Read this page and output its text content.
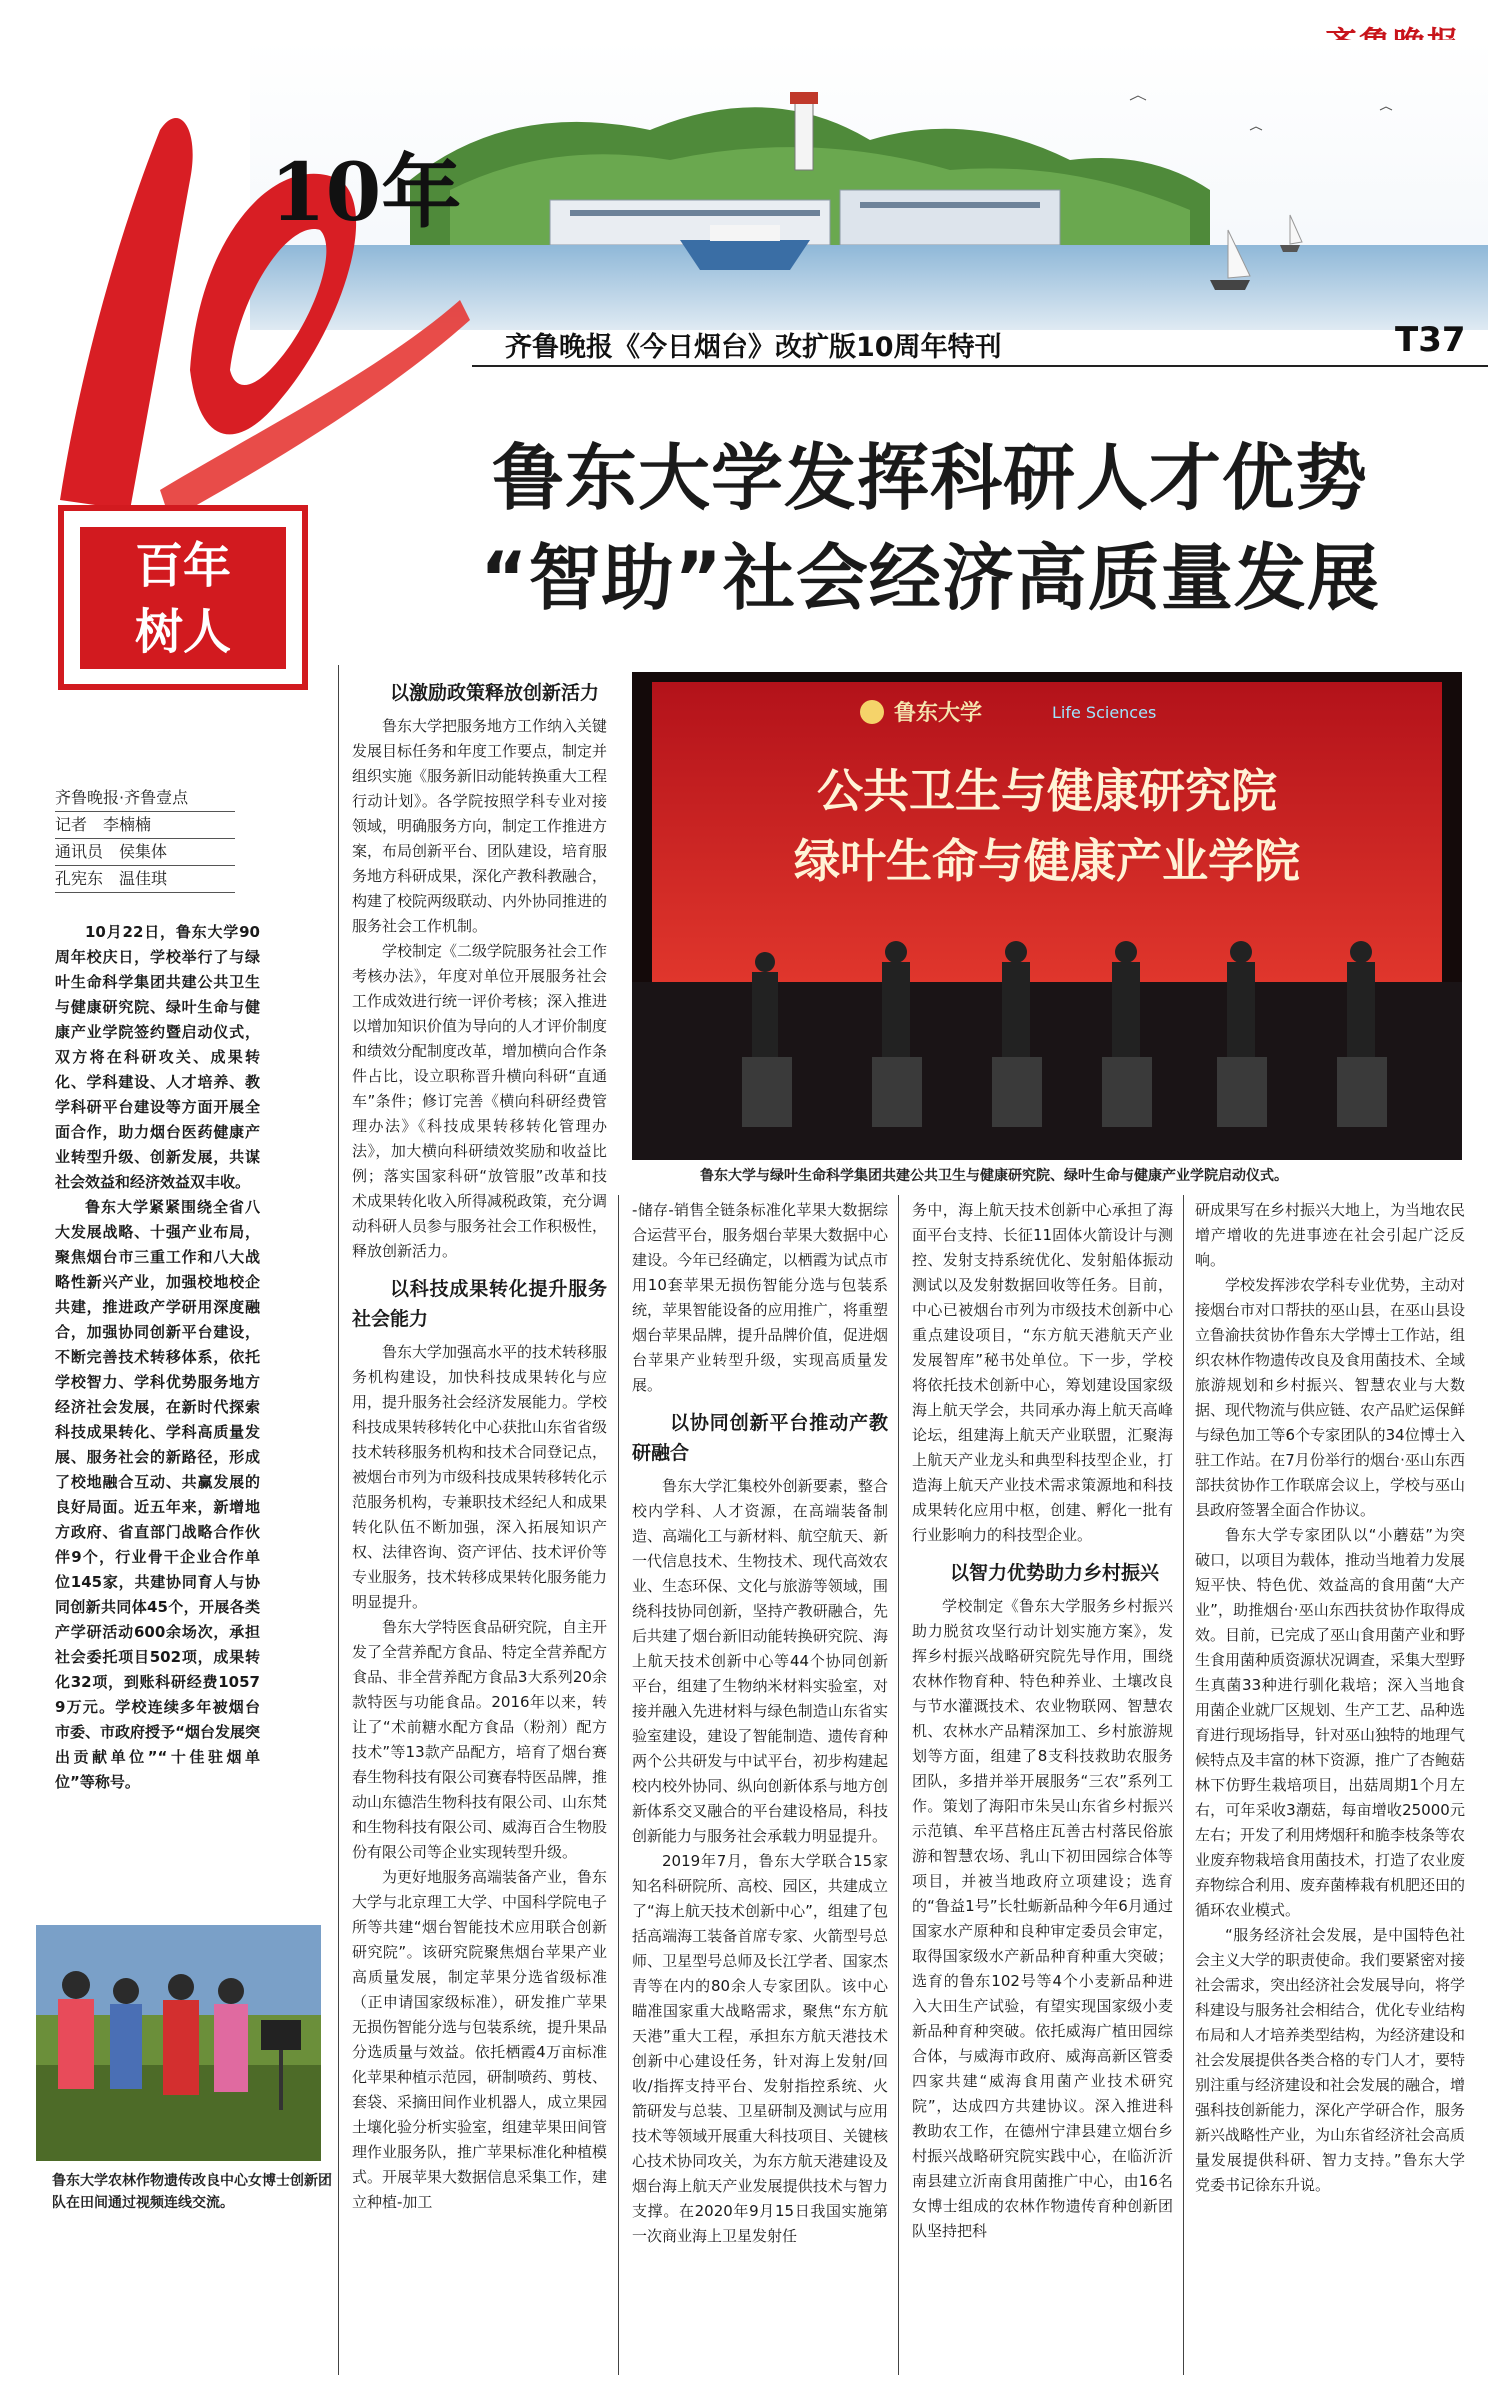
10年
齐鲁晚报《今日烟台》改扩版10周年特刊	T37
鲁东大学发挥科研人才优势
“智助”社会经济高质量发展
百年
树人
齐鲁晚报·齐鲁壹点
记者　李楠楠
通讯员　侯集体
孔宪东　温佳琪

10月22日，鲁东大学90周年校庆日，学校举行了与绿叶生命科学集团共建公共卫生与健康研究院、绿叶生命与健康产业学院签约暨启动仪式，双方将在科研攻关、成果转化、学科建设、人才培养、教学科研平台建设等方面开展全面合作，助力烟台医药健康产业转型升级、创新发展，共谋社会效益和经济效益双丰收。

鲁东大学紧紧围绕全省八大发展战略、十强产业布局，聚焦烟台市三重工作和八大战略性新兴产业，加强校地校企共建，推进政产学研用深度融合，加强协同创新平台建设，不断完善技术转移体系，依托学校智力、学科优势服务地方经济社会发展，在新时代探索科技成果转化、学科高质量发展、服务社会的新路径，形成了校地融合互动、共赢发展的良好局面。近五年来，新增地方政府、省直部门战略合作伙伴9个，行业骨干企业合作单位145家，共建协同育人与协同创新共同体45个，开展各类产学研活动600余场次，承担社会委托项目502项，成果转化32项，到账科研经费10579万元。学校连续多年被烟台市委、市政府授予“烟台发展突出贡献单位”“十佳驻烟单位”等称号。

鲁东大学农林作物遗传改良中心女博士创新团队在田间通过视频连线交流。
以激励政策释放创新活力

鲁东大学把服务地方工作纳入关键发展目标任务和年度工作要点，制定并组织实施《服务新旧动能转换重大工程行动计划》。各学院按照学科专业对接领域，明确服务方向，制定工作推进方案，布局创新平台、团队建设，培育服务地方科研成果，深化产教科教融合，构建了校院两级联动、内外协同推进的服务社会工作机制。

学校制定《二级学院服务社会工作考核办法》，年度对单位开展服务社会工作成效进行统一评价考核；深入推进以增加知识价值为导向的人才评价制度和绩效分配制度改革，增加横向合作条件占比，设立职称晋升横向科研“直通车”条件；修订完善《横向科研经费管理办法》《科技成果转移转化管理办法》，加大横向科研绩效奖励和收益比例；落实国家科研“放管服”改革和技术成果转化收入所得减税政策，充分调动科研人员参与服务社会工作积极性，释放创新活力。

以科技成果转化提升服务社会能力

鲁东大学加强高水平的技术转移服务机构建设，加快科技成果转化与应用，提升服务社会经济发展能力。学校科技成果转移转化中心获批山东省省级技术转移服务机构和技术合同登记点，被烟台市列为市级科技成果转移转化示范服务机构，专兼职技术经纪人和成果转化队伍不断加强，深入拓展知识产权、法律咨询、资产评估、技术评价等专业服务，技术转移成果转化服务能力明显提升。

鲁东大学特医食品研究院，自主开发了全营养配方食品、特定全营养配方食品、非全营养配方食品3大系列20余款特医与功能食品。2016年以来，转让了“术前糖水配方食品（粉剂）配方技术”等13款产品配方，培育了烟台赛春生物科技有限公司赛春特医品牌，推动山东德浩生物科技有限公司、山东梵和生物科技有限公司、威海百合生物股份有限公司等企业实现转型升级。

为更好地服务高端装备产业，鲁东大学与北京理工大学、中国科学院电子所等共建“烟台智能技术应用联合创新研究院”。该研究院聚焦烟台苹果产业高质量发展，制定苹果分选省级标准（正申请国家级标准），研发推广苹果无损伤智能分选与包装系统，提升果品分选质量与效益。依托栖霞4万亩标准化苹果种植示范园，研制喷药、剪枝、套袋、采摘田间作业机器人，成立果园土壤化验分析实验室，组建苹果田间管理作业服务队，推广苹果标准化种植模式。开展苹果大数据信息采集工作，建立种植-加工

鲁东大学	Life Sciences
公共卫生与健康研究院
绿叶生命与健康产业学院
鲁东大学与绿叶生命科学集团共建公共卫生与健康研究院、绿叶生命与健康产业学院启动仪式。

-储存-销售全链条标准化苹果大数据综合运营平台，服务烟台苹果大数据中心建设。今年已经确定，以栖霞为试点市用10套苹果无损伤智能分选与包装系统，苹果智能设备的应用推广，将重塑烟台苹果品牌，提升品牌价值，促进烟台苹果产业转型升级，实现高质量发展。

以协同创新平台推动产教研融合

鲁东大学汇集校外创新要素，整合校内学科、人才资源，在高端装备制造、高端化工与新材料、航空航天、新一代信息技术、生物技术、现代高效农业、生态环保、文化与旅游等领域，围绕科技协同创新，坚持产教研融合，先后共建了烟台新旧动能转换研究院、海上航天技术创新中心等44个协同创新平台，组建了生物纳米材料实验室，对接并融入先进材料与绿色制造山东省实验室建设，建设了智能制造、遗传育种两个公共研发与中试平台，初步构建起校内校外协同、纵向创新体系与地方创新体系交叉融合的平台建设格局，科技创新能力与服务社会承载力明显提升。

2019年7月，鲁东大学联合15家知名科研院所、高校、园区，共建成立了“海上航天技术创新中心”，组建了包括高端海工装备首席专家、火箭型号总师、卫星型号总师及长江学者、国家杰青等在内的80余人专家团队。该中心瞄准国家重大战略需求，聚焦“东方航天港”重大工程，承担东方航天港技术创新中心建设任务，针对海上发射/回收/指挥支持平台、发射指控系统、火箭研发与总装、卫星研制及测试与应用技术等领域开展重大科技项目、关键核心技术协同攻关，为东方航天港建设及烟台海上航天产业发展提供技术与智力支撑。在2020年9月15日我国实施第一次商业海上卫星发射任

务中，海上航天技术创新中心承担了海面平台支持、长征11固体火箭设计与测控、发射支持系统优化、发射船体振动测试以及发射数据回收等任务。目前，中心已被烟台市列为市级技术创新中心重点建设项目，“东方航天港航天产业发展智库”秘书处单位。下一步，学校将依托技术创新中心，筹划建设国家级海上航天学会，共同承办海上航天高峰论坛，组建海上航天产业联盟，汇聚海上航天产业龙头和典型科技型企业，打造海上航天产业技术需求策源地和科技成果转化应用中枢，创建、孵化一批有行业影响力的科技型企业。

以智力优势助力乡村振兴

学校制定《鲁东大学服务乡村振兴助力脱贫攻坚行动计划实施方案》，发挥乡村振兴战略研究院先导作用，围绕农林作物育种、特色种养业、土壤改良与节水灌溉技术、农业物联网、智慧农机、农林水产品精深加工、乡村旅游规划等方面，组建了8支科技救助农服务团队，多措并举开展服务“三农”系列工作。策划了海阳市朱吴山东省乡村振兴示范镇、牟平莒格庄瓦善古村落民俗旅游和智慧农场、乳山下初田园综合体等项目，并被当地政府立项建设；选育的“鲁益1号”长牡蛎新品种今年6月通过国家水产原种和良种审定委员会审定，取得国家级水产新品种育种重大突破；选育的鲁东102号等4个小麦新品种进入大田生产试验，有望实现国家级小麦新品种育种突破。依托威海广植田园综合体，与威海市政府、威海高新区管委四家共建“威海食用菌产业技术研究院”，达成四方共建协议。深入推进科教助农工作，在德州宁津县建立烟台乡村振兴战略研究院实践中心，在临沂沂南县建立沂南食用菌推广中心，由16名女博士组成的农林作物遗传育种创新团队坚持把科

研成果写在乡村振兴大地上，为当地农民增产增收的先进事迹在社会引起广泛反响。

学校发挥涉农学科专业优势，主动对接烟台市对口帮扶的巫山县，在巫山县设立鲁渝扶贫协作鲁东大学博士工作站，组织农林作物遗传改良及食用菌技术、全域旅游规划和乡村振兴、智慧农业与大数据、现代物流与供应链、农产品贮运保鲜与绿色加工等6个专家团队的34位博士入驻工作站。在7月份举行的烟台·巫山东西部扶贫协作工作联席会议上，学校与巫山县政府签署全面合作协议。

鲁东大学专家团队以“小蘑菇”为突破口，以项目为载体，推动当地着力发展短平快、特色优、效益高的食用菌“大产业”，助推烟台·巫山东西扶贫协作取得成效。目前，已完成了巫山食用菌产业和野生食用菌种质资源状况调查，采集大型野生真菌33种进行驯化栽培；深入当地食用菌企业就厂区规划、生产工艺、品种选育进行现场指导，针对巫山独特的地理气候特点及丰富的林下资源，推广了杏鲍菇林下仿野生栽培项目，出菇周期1个月左右，可年采收3潮菇，每亩增收25000元左右；开发了利用烤烟秆和脆李枝条等农业废弃物栽培食用菌技术，打造了农业废弃物综合利用、废弃菌棒栽有机肥还田的循环农业模式。

“服务经济社会发展，是中国特色社会主义大学的职责使命。我们要紧密对接社会需求，突出经济社会发展导向，将学科建设与服务社会相结合，优化专业结构布局和人才培养类型结构，为经济建设和社会发展提供各类合格的专门人才，要特别注重与经济建设和社会发展的融合，增强科技创新能力，深化产学研合作，服务新兴战略性产业，为山东省经济社会高质量发展提供科研、智力支持。”鲁东大学党委书记徐东升说。
